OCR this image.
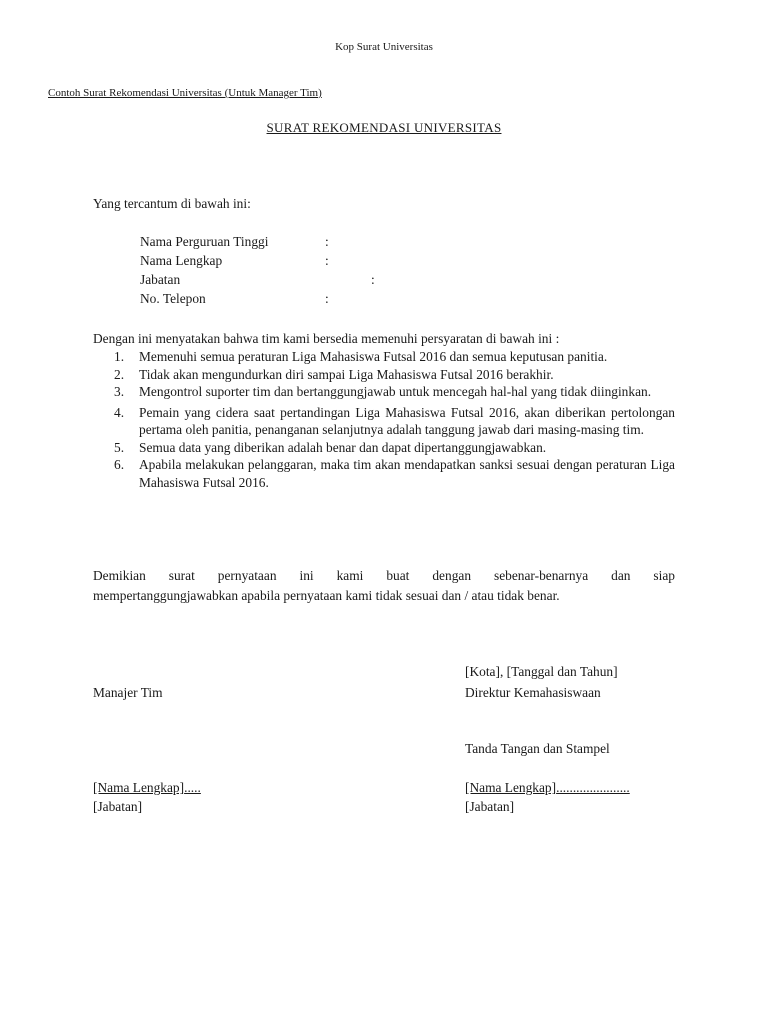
Kop Surat Universitas
Contoh Surat Rekomendasi Universitas (Untuk Manager Tim)
SURAT REKOMENDASI UNIVERSITAS
Yang tercantum di bawah ini:
Nama Perguruan Tinggi	:
Nama Lengkap	:
Jabatan	:
No. Telepon	:
Dengan ini menyatakan bahwa tim kami bersedia memenuhi persyaratan di bawah ini :
1. Memenuhi semua peraturan Liga Mahasiswa Futsal 2016 dan semua keputusan panitia.
2. Tidak akan mengundurkan diri sampai Liga Mahasiswa Futsal 2016 berakhir.
3. Mengontrol suporter tim dan bertanggungjawab untuk mencegah hal-hal yang tidak diinginkan.
4. Pemain yang cidera saat pertandingan Liga Mahasiswa Futsal 2016, akan diberikan pertolongan pertama oleh panitia, penanganan selanjutnya adalah tanggung jawab dari masing-masing tim.
5. Semua data yang diberikan adalah benar dan dapat dipertanggungjawabkan.
6. Apabila melakukan pelanggaran, maka tim akan mendapatkan sanksi sesuai dengan peraturan Liga Mahasiswa Futsal 2016.
Demikian surat pernyataan ini kami buat dengan sebenar-benarnya dan siap
mempertanggungjawabkan apabila pernyataan kami tidak sesuai dan / atau tidak benar.
Manajer Tim
[Nama Lengkap].....
[Jabatan]
[Kota], [Tanggal dan Tahun]
Direktur Kemahasiswaan
Tanda Tangan dan Stampel
[Nama Lengkap]......................
[Jabatan]
